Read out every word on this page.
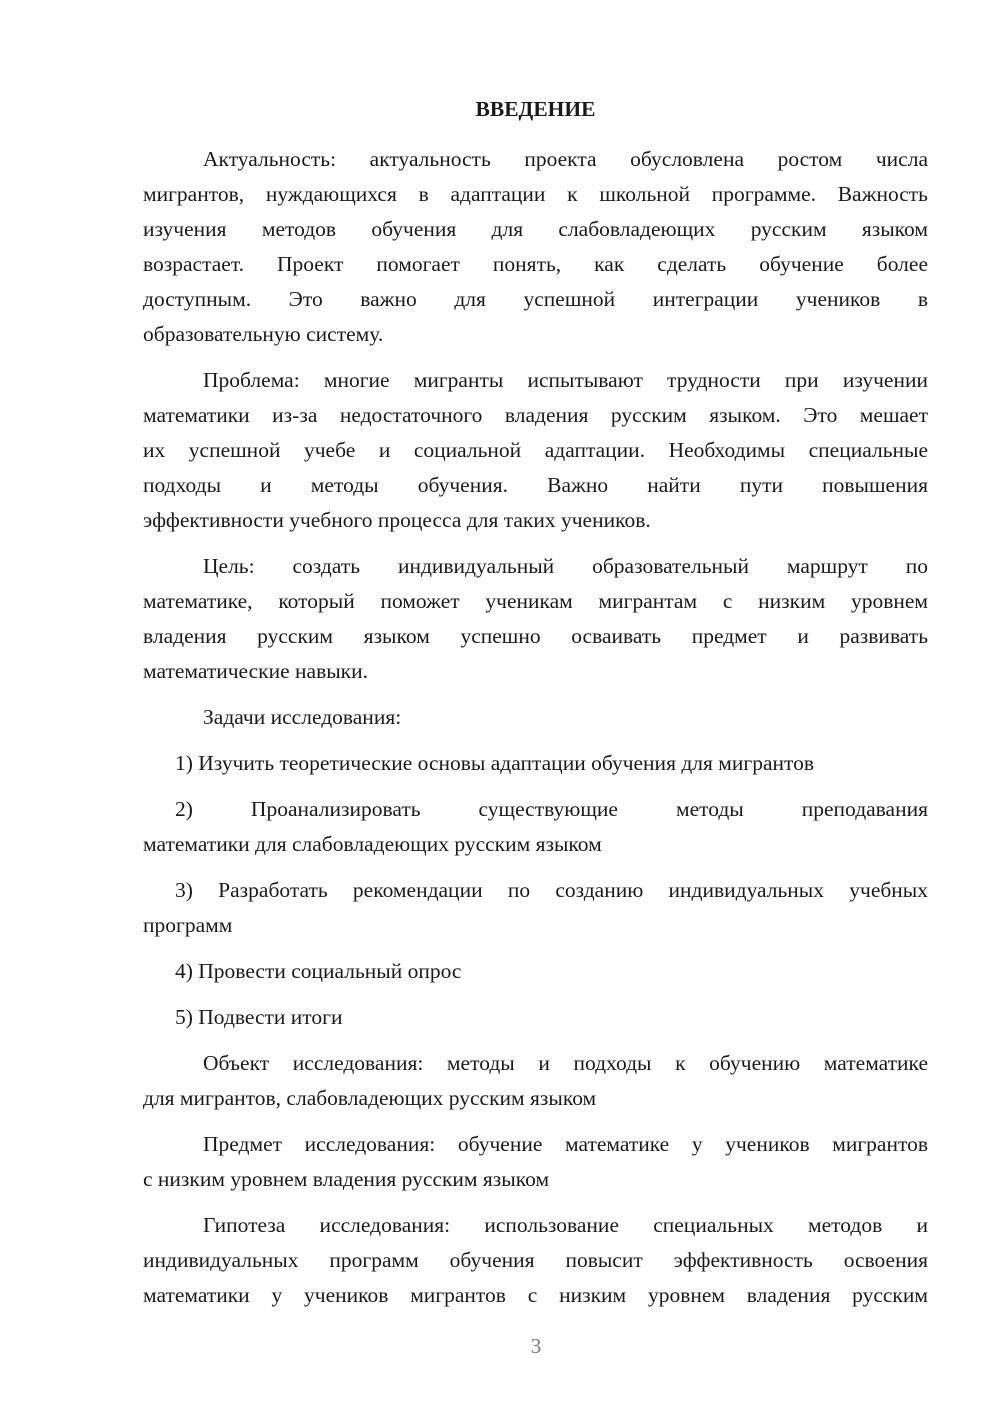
ВВЕДЕНИЕ
Актуальность: актуальность проекта обусловлена ростом числа
мигрантов, нуждающихся в адаптации к школьной программе. Важность
изучения методов обучения для слабовладеющих русским языком
возрастает. Проект помогает понять, как сделать обучение более
доступным. Это важно для успешной интеграции учеников в
образовательную систему.
Проблема: многие мигранты испытывают трудности при изучении
математики из-за недостаточного владения русским языком. Это мешает
их успешной учебе и социальной адаптации. Необходимы специальные
подходы и методы обучения. Важно найти пути повышения
эффективности учебного процесса для таких учеников.
Цель: создать индивидуальный образовательный маршрут по
математике, который поможет ученикам мигрантам с низким уровнем
владения русским языком успешно осваивать предмет и развивать
математические навыки.
Задачи исследования:
1) Изучить теоретические основы адаптации обучения для мигрантов
2) Проанализировать существующие методы преподавания
математики для слабовладеющих русским языком
3) Разработать рекомендации по созданию индивидуальных учебных
программ
4) Провести социальный опрос
5) Подвести итоги
Объект исследования: методы и подходы к обучению математике
для мигрантов, слабовладеющих русским языком
Предмет исследования: обучение математике у учеников мигрантов
с низким уровнем владения русским языком
Гипотеза исследования: использование специальных методов и
индивидуальных программ обучения повысит эффективность освоения
математики у учеников мигрантов с низким уровнем владения русским
3
